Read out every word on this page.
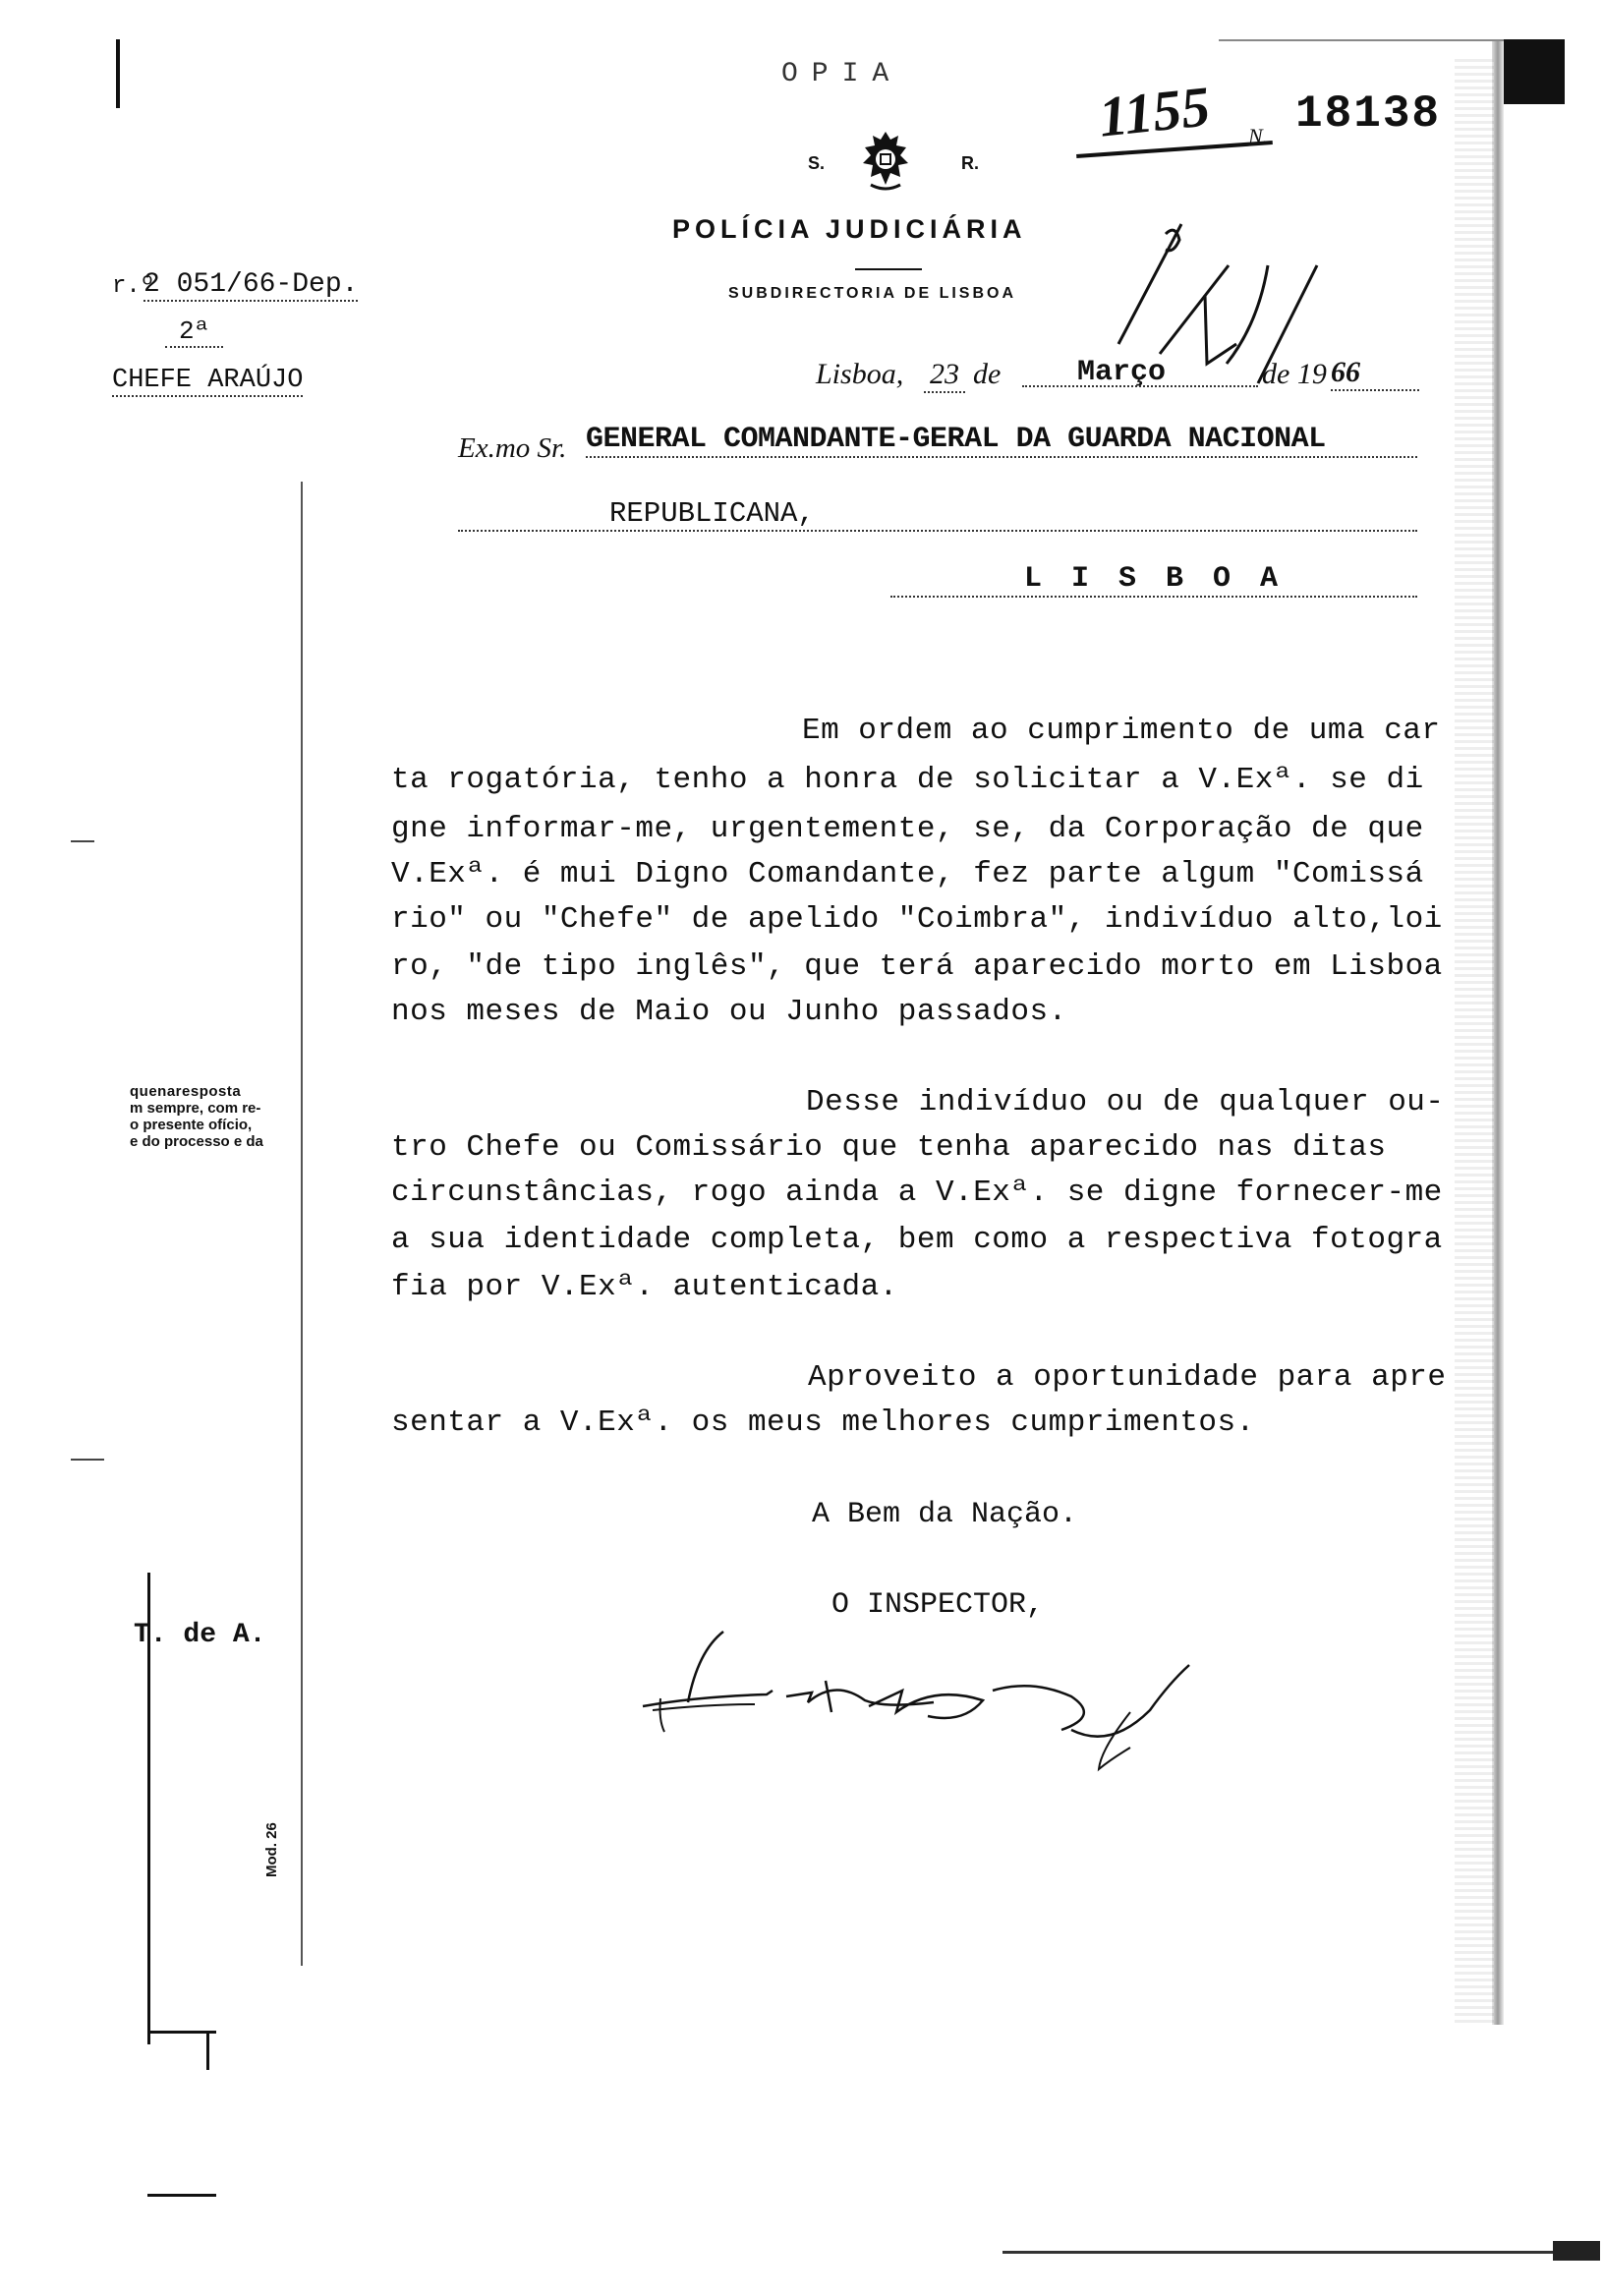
OPIA
S.	R.
POLÍCIA JUDICIÁRIA
SUBDIRECTORIA DE LISBOA
1155 N. 18138
r.º
2 051/66-Dep.
2ª
CHEFE ARAÚJO
quenaresposta
m sempre, com re-
o presente ofício,
e do processo e da
T. de A.
Mod. 26
Lisboa, 23 de	Março	de 19 66
Ex.mo Sr. GENERAL COMANDANTE-GERAL DA GUARDA NACIONAL
REPUBLICANA,
L I S B O A
Em ordem ao cumprimento de uma car
ta rogatória, tenho a honra de solicitar a V.Exª. se di
gne informar-me, urgentemente, se, da Corporação de que
V.Exª. é mui Digno Comandante, fez parte algum "Comissá
rio" ou "Chefe" de apelido "Coimbra", indivíduo alto,loi
ro, "de tipo inglês", que terá aparecido morto em Lisboa
nos meses de Maio ou Junho passados.
Desse indivíduo ou de qualquer ou-
tro Chefe ou Comissário que tenha aparecido nas ditas
circunstâncias, rogo ainda a V.Exª. se digne fornecer-me
a sua identidade completa, bem como a respectiva fotogra
fia por V.Exª. autenticada.
Aproveito a oportunidade para apre
sentar a V.Exª. os meus melhores cumprimentos.
A Bem da Nação.
O INSPECTOR,
